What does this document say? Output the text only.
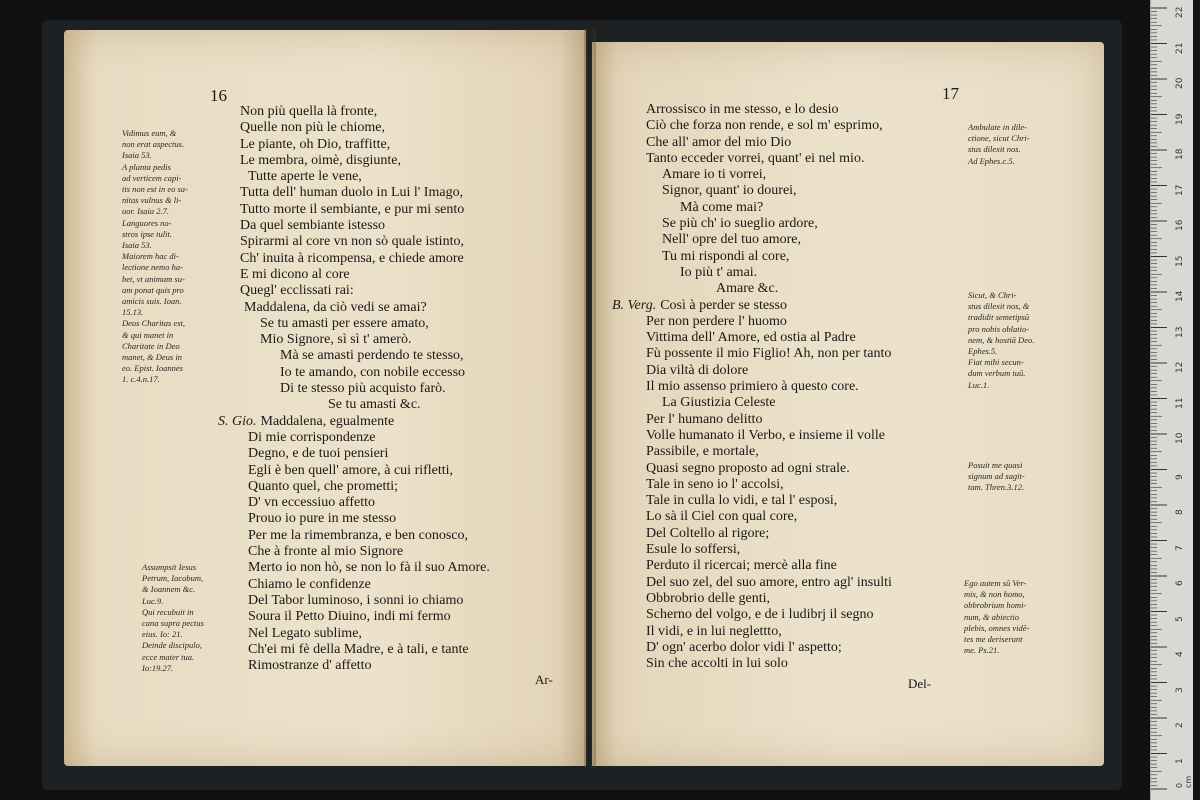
16	17
Non più quella là fronte,
Quelle non più le chiome,
Le piante, oh Dio, traffitte,
Le membra, oimè, disgiunte,
Tutte aperte le vene,
Tutta dell' human duolo in Lui l' Imago,
Tutto morte il sembiante, e pur mi sento
Da quel sembiante istesso
Spirarmi al core vn non sò quale istinto,
Ch' inuita à ricompensa, e chiede amore
E mi dicono al core
Quegl' ecclissati rai:
Maddalena, da ciò vedi se amai?
Se tu amasti per essere amato,
Mio Signore, sì sì t' amerò.
Mà se amasti perdendo te stesso,
Io te amando, con nobile eccesso
Di te stesso più acquisto farò.
Se tu amasti &c.
S. Gio. Maddalena, egualmente
Di mie corrispondenze
Degno, e de tuoi pensieri
Egli è ben quell' amore, à cui rifletti,
Quanto quel, che prometti;
D' vn eccessiuo affetto
Prouo io pure in me stesso
Per me la rimembranza, e ben conosco,
Che à fronte al mio Signore
Merto io non hò, se non lo fà il suo Amore.
Chiamo le confidenze
Del Tabor luminoso, i sonni io chiamo
Soura il Petto Diuino, indi mi fermo
Nel Legato sublime,
Ch'ei mi fè della Madre, e à tali, e tante
Rimostranze d' affetto
Arrossisco in me stesso, e lo desio
Ciò che forza non rende, e sol m' esprimo,
Che all' amor del mio Dio
Tanto ecceder vorrei, quant' ei nel mio.
Amare io ti vorrei,
Signor, quant' io dourei,
Mà come mai?
Se più ch' io sueglio ardore,
Nell' opre del tuo amore,
Tu mi rispondi al core,
Io più t' amai.
Amare &c.
B. Verg. Così à perder se stesso
Per non perdere l' huomo
Vittima dell' Amore, ed ostia al Padre
Fù possente il mio Figlio! Ah, non per tanto
Dia viltà di dolore
Il mio assenso primiero à questo core.
La Giustizia Celeste
Per l' humano delitto
Volle humanato il Verbo, e insieme il volle
Passibile, e mortale,
Quasi segno proposto ad ogni strale.
Tale in seno io l' accolsi,
Tale in culla lo vidi, e tal l' esposi,
Lo sà il Ciel con qual core,
Del Coltello al rigore;
Esule lo soffersi,
Perduto il ricercai; mercè alla fine
Del suo zel, del suo amore, entro agl' insulti
Obbrobrio delle genti,
Scherno del volgo, e de i ludibrj il segno
Il vidi, e in lui neglettto,
D' ogn' acerbo dolor vidi l' aspetto;
Sin che accolti in lui solo
Ar-	Del-
Vidimus eum, &
non erat aspectus.
Isaia 53.
A planta pedis
ad verticem capi-
tis non est in eo sa-
nitas vulnus & li-
uor. Isaia 2.7.
Languores no-
stros ipse tulit.
Isaia 53.
Maiorem hac di-
lectione nemo ha-
bet, vt animam su-
am ponat quis pro
amicis suis. Ioan.
15.13.
Deus Charitas est,
& qui manet in
Charitate in Deo
manet, & Deus in
eo. Epist. Ioannes
1. c.4.n.17.
Assumpsit Iesus
Petrum, Iacobum,
& Ioannem &c.
Luc.9.
Qui recubuit in
cana supra pectus
eius. Io: 21.
Deinde discipulo,
ecce mater tua.
Io:19.27.
Ambulate in dile-
ctione, sicut Chri-
stus dilexit nos.
Ad Ephes.c.5.
Sicut, & Chri-
stus dilexit nos, &
tradidit semetipsū
pro nobis oblatio-
nem, & hostiā Deo.
Ephes.5.
Fiat mihi secun-
dum verbum tuū.
Luc.1.
Posuit me quasi
signum ad sagit-
tam. Thren.3.12.
Ego autem sū Ver-
mis, & non homo,
obbrobrium homi-
num, & abiectio
plebis, omnes vidē-
tes me deriserunt
me. Ps.21.
0 cm
22
21
20
19
18
17
16
15
14
13
12
11
10
9
8
7
6
5
4
3
2
1
